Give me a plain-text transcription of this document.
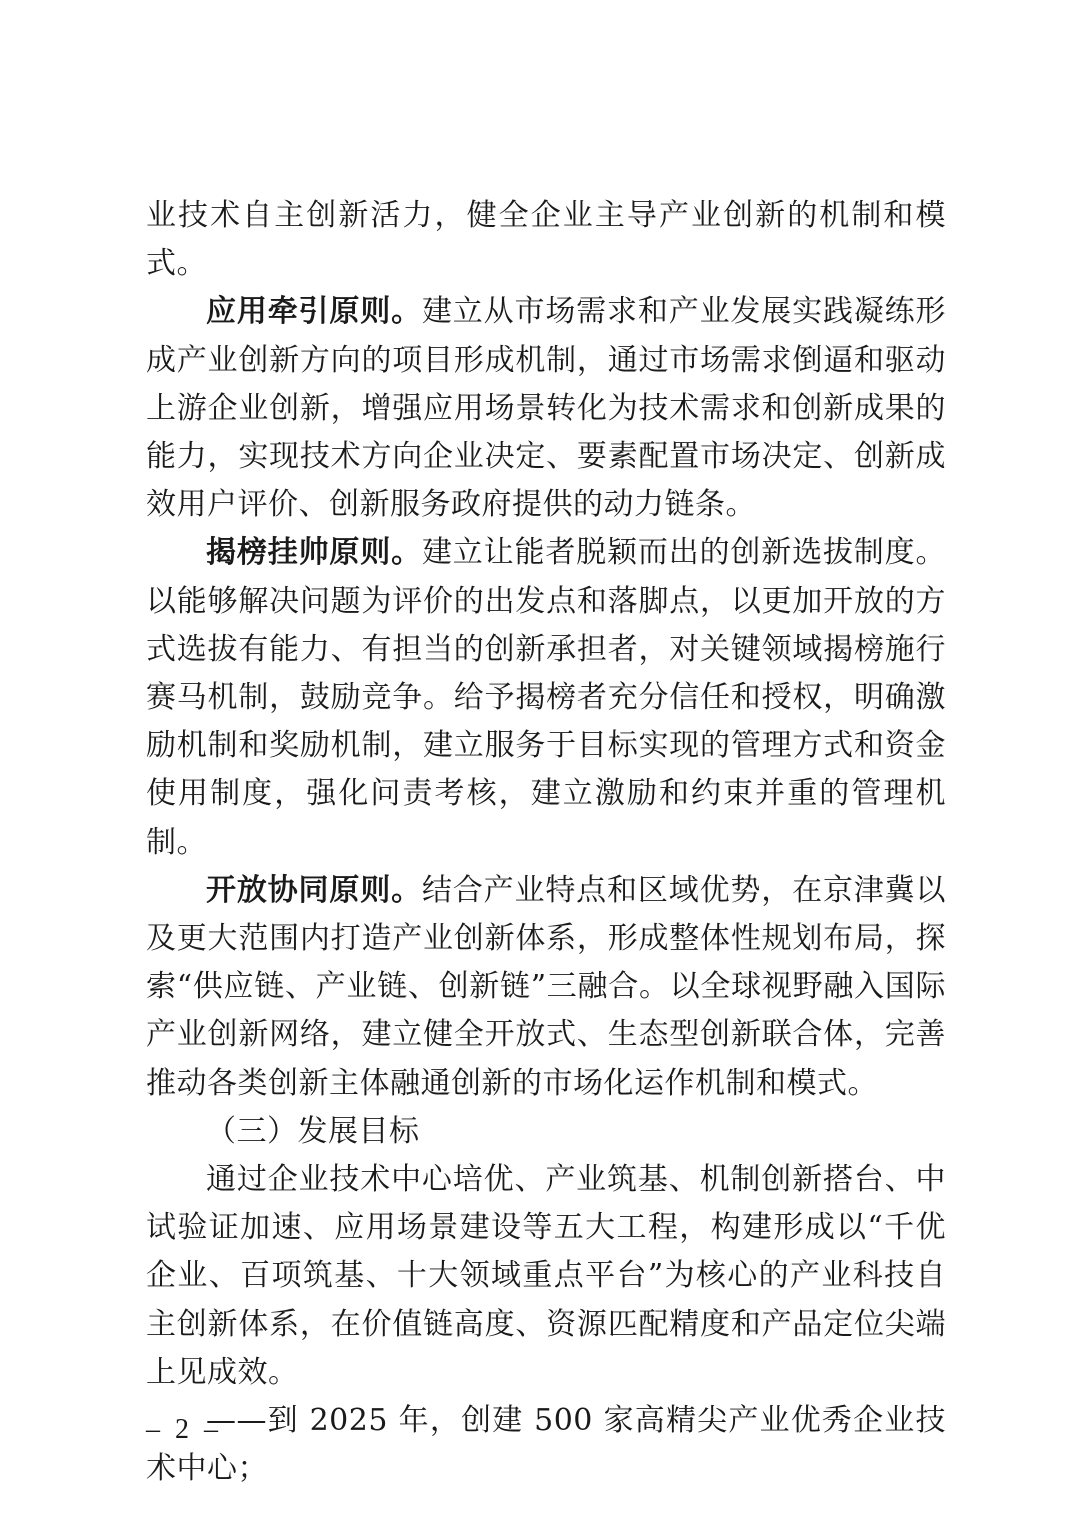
业技术自主创新活力，健全企业主导产业创新的机制和模式。

应用牵引原则。建立从市场需求和产业发展实践凝练形成产业创新方向的项目形成机制，通过市场需求倒逼和驱动上游企业创新，增强应用场景转化为技术需求和创新成果的能力，实现技术方向企业决定、要素配置市场决定、创新成效用户评价、创新服务政府提供的动力链条。

揭榜挂帅原则。建立让能者脱颖而出的创新选拔制度。以能够解决问题为评价的出发点和落脚点，以更加开放的方式选拔有能力、有担当的创新承担者，对关键领域揭榜施行赛马机制，鼓励竞争。给予揭榜者充分信任和授权，明确激励机制和奖励机制，建立服务于目标实现的管理方式和资金使用制度，强化问责考核，建立激励和约束并重的管理机制。

开放协同原则。结合产业特点和区域优势，在京津冀以及更大范围内打造产业创新体系，形成整体性规划布局，探索“供应链、产业链、创新链”三融合。以全球视野融入国际产业创新网络，建立健全开放式、生态型创新联合体，完善推动各类创新主体融通创新的市场化运作机制和模式。

（三）发展目标

通过企业技术中心培优、产业筑基、机制创新搭台、中试验证加速、应用场景建设等五大工程，构建形成以“千优企业、百项筑基、十大领域重点平台”为核心的产业科技自主创新体系，在价值链高度、资源匹配精度和产品定位尖端上见成效。

——到 2025 年，创建 500 家高精尖产业优秀企业技术中心；

– 2 –
